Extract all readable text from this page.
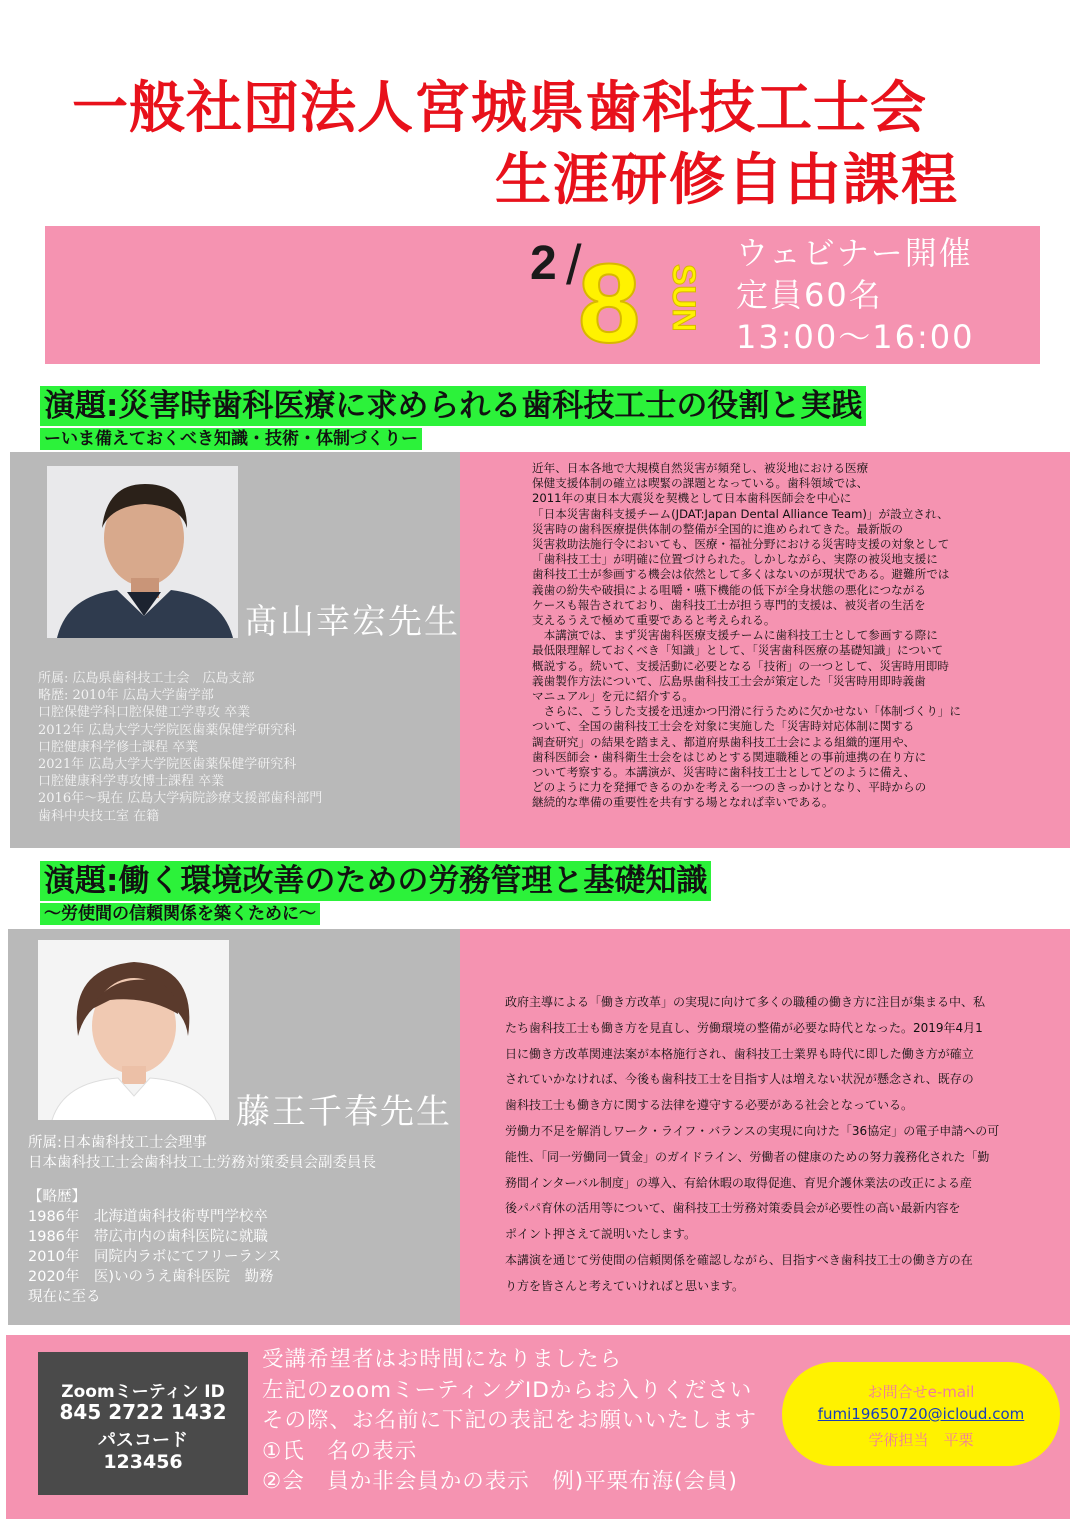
一般社団法人宮城県歯科技工士会
生涯研修自由課程
2 /
8 SUN
ウェビナー開催
定員60名
13:00〜16:00
演題:災害時歯科医療に求められる歯科技工士の役割と実践
ーいま備えておくべき知識・技術・体制づくりー
髙山幸宏先生
所属: 広島県歯科技工士会　広島支部
略歴: 2010年 広島大学歯学部
口腔保健学科口腔保健工学専攻 卒業
2012年 広島大学大学院医歯薬保健学研究科
口腔健康科学修士課程 卒業
2021年 広島大学大学院医歯薬保健学研究科
口腔健康科学専攻博士課程 卒業
2016年〜現在 広島大学病院診療支援部歯科部門
歯科中央技工室 在籍
近年、日本各地で大規模自然災害が頻発し、被災地における医療
保健支援体制の確立は喫緊の課題となっている。歯科領域では、
2011年の東日本大震災を契機として日本歯科医師会を中心に
「日本災害歯科支援チーム(JDAT:Japan Dental Alliance Team)」が設立され、
災害時の歯科医療提供体制の整備が全国的に進められてきた。最新版の
災害救助法施行令においても、医療・福祉分野における災害時支援の対象として
「歯科技工士」が明確に位置づけられた。しかしながら、実際の被災地支援に
歯科技工士が参画する機会は依然として多くはないのが現状である。避難所では
義歯の紛失や破損による咀嚼・嚥下機能の低下が全身状態の悪化につながる
ケースも報告されており、歯科技工士が担う専門的支援は、被災者の生活を
支えるうえで極めて重要であると考えられる。
　本講演では、まず災害歯科医療支援チームに歯科技工士として参画する際に
最低限理解しておくべき「知識」として、「災害歯科医療の基礎知識」について
概説する。続いて、支援活動に必要となる「技術」の一つとして、災害時用即時
義歯製作方法について、広島県歯科技工士会が策定した「災害時用即時義歯
マニュアル」を元に紹介する。
　さらに、こうした支援を迅速かつ円滑に行うために欠かせない「体制づくり」に
ついて、全国の歯科技工士会を対象に実施した「災害時対応体制に関する
調査研究」の結果を踏まえ、都道府県歯科技工士会による組織的運用や、
歯科医師会・歯科衛生士会をはじめとする関連職種との事前連携の在り方に
ついて考察する。本講演が、災害時に歯科技工士としてどのように備え、
どのように力を発揮できるのかを考える一つのきっかけとなり、平時からの
継続的な準備の重要性を共有する場となれば幸いである。
演題:働く環境改善のための労務管理と基礎知識
〜労使間の信頼関係を築くために〜
藤王千春先生
所属:日本歯科技工士会理事
日本歯科技工士会歯科技工士労務対策委員会副委員長
【略歴】
1986年　北海道歯科技術専門学校卒
1986年　帯広市内の歯科医院に就職
2010年　同院内ラボにてフリーランス
2020年　医)いのうえ歯科医院　勤務
現在に至る
政府主導による「働き方改革」の実現に向けて多くの職種の働き方に注目が集まる中、私
たち歯科技工士も働き方を見直し、労働環境の整備が必要な時代となった。2019年4月1
日に働き方改革関連法案が本格施行され、歯科技工士業界も時代に即した働き方が確立
されていかなければ、今後も歯科技工士を目指す人は増えない状況が懸念され、既存の
歯科技工士も働き方に関する法律を遵守する必要がある社会となっている。
労働力不足を解消しワーク・ライフ・バランスの実現に向けた「36協定」の電子申請への可
能性、「同一労働同一賃金」のガイドライン、労働者の健康のための努力義務化された「勤
務間インターバル制度」の導入、有給休暇の取得促進、育児介護休業法の改正による産
後パパ育休の活用等について、歯科技工士労務対策委員会が必要性の高い最新内容を
ポイント押さえて説明いたします。
本講演を通じて労使間の信頼関係を確認しながら、目指すべき歯科技工士の働き方の在
り方を皆さんと考えていければと思います。
Zoomミーティン ID
845 2722 1432
パスコード
123456
受講希望者はお時間になりましたら
左記のzoomミーティングIDからお入りください
その際、お名前に下記の表記をお願いいたします
①氏　名の表示
②会　員か非会員かの表示　例)平栗布海(会員)
お問合せe-mail
fumi19650720@icloud.com
学術担当　平栗
